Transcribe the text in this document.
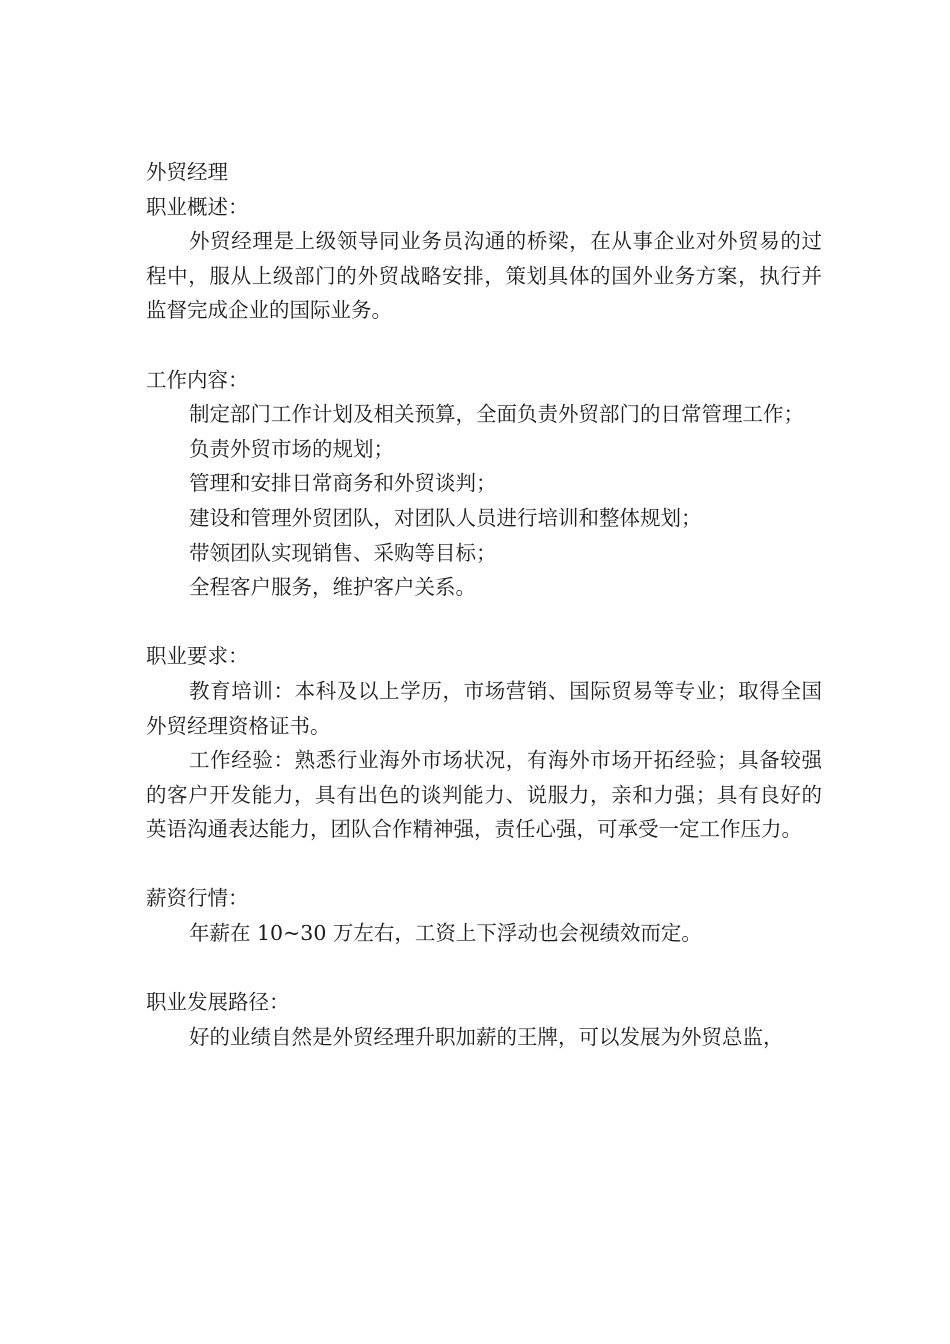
外贸经理

职业概述：

外贸经理是上级领导同业务员沟通的桥梁，在从事企业对外贸易的过程中，服从上级部门的外贸战略安排，策划具体的国外业务方案，执行并监督完成企业的国际业务。

工作内容：

制定部门工作计划及相关预算，全面负责外贸部门的日常管理工作；

负责外贸市场的规划；

管理和安排日常商务和外贸谈判；

建设和管理外贸团队，对团队人员进行培训和整体规划；

带领团队实现销售、采购等目标；

全程客户服务，维护客户关系。

职业要求：

教育培训：本科及以上学历，市场营销、国际贸易等专业；取得全国外贸经理资格证书。

工作经验：熟悉行业海外市场状况，有海外市场开拓经验；具备较强的客户开发能力，具有出色的谈判能力、说服力，亲和力强；具有良好的英语沟通表达能力，团队合作精神强，责任心强，可承受一定工作压力。

薪资行情：

年薪在 10~30 万左右，工资上下浮动也会视绩效而定。

职业发展路径：

好的业绩自然是外贸经理升职加薪的王牌，可以发展为外贸总监，
